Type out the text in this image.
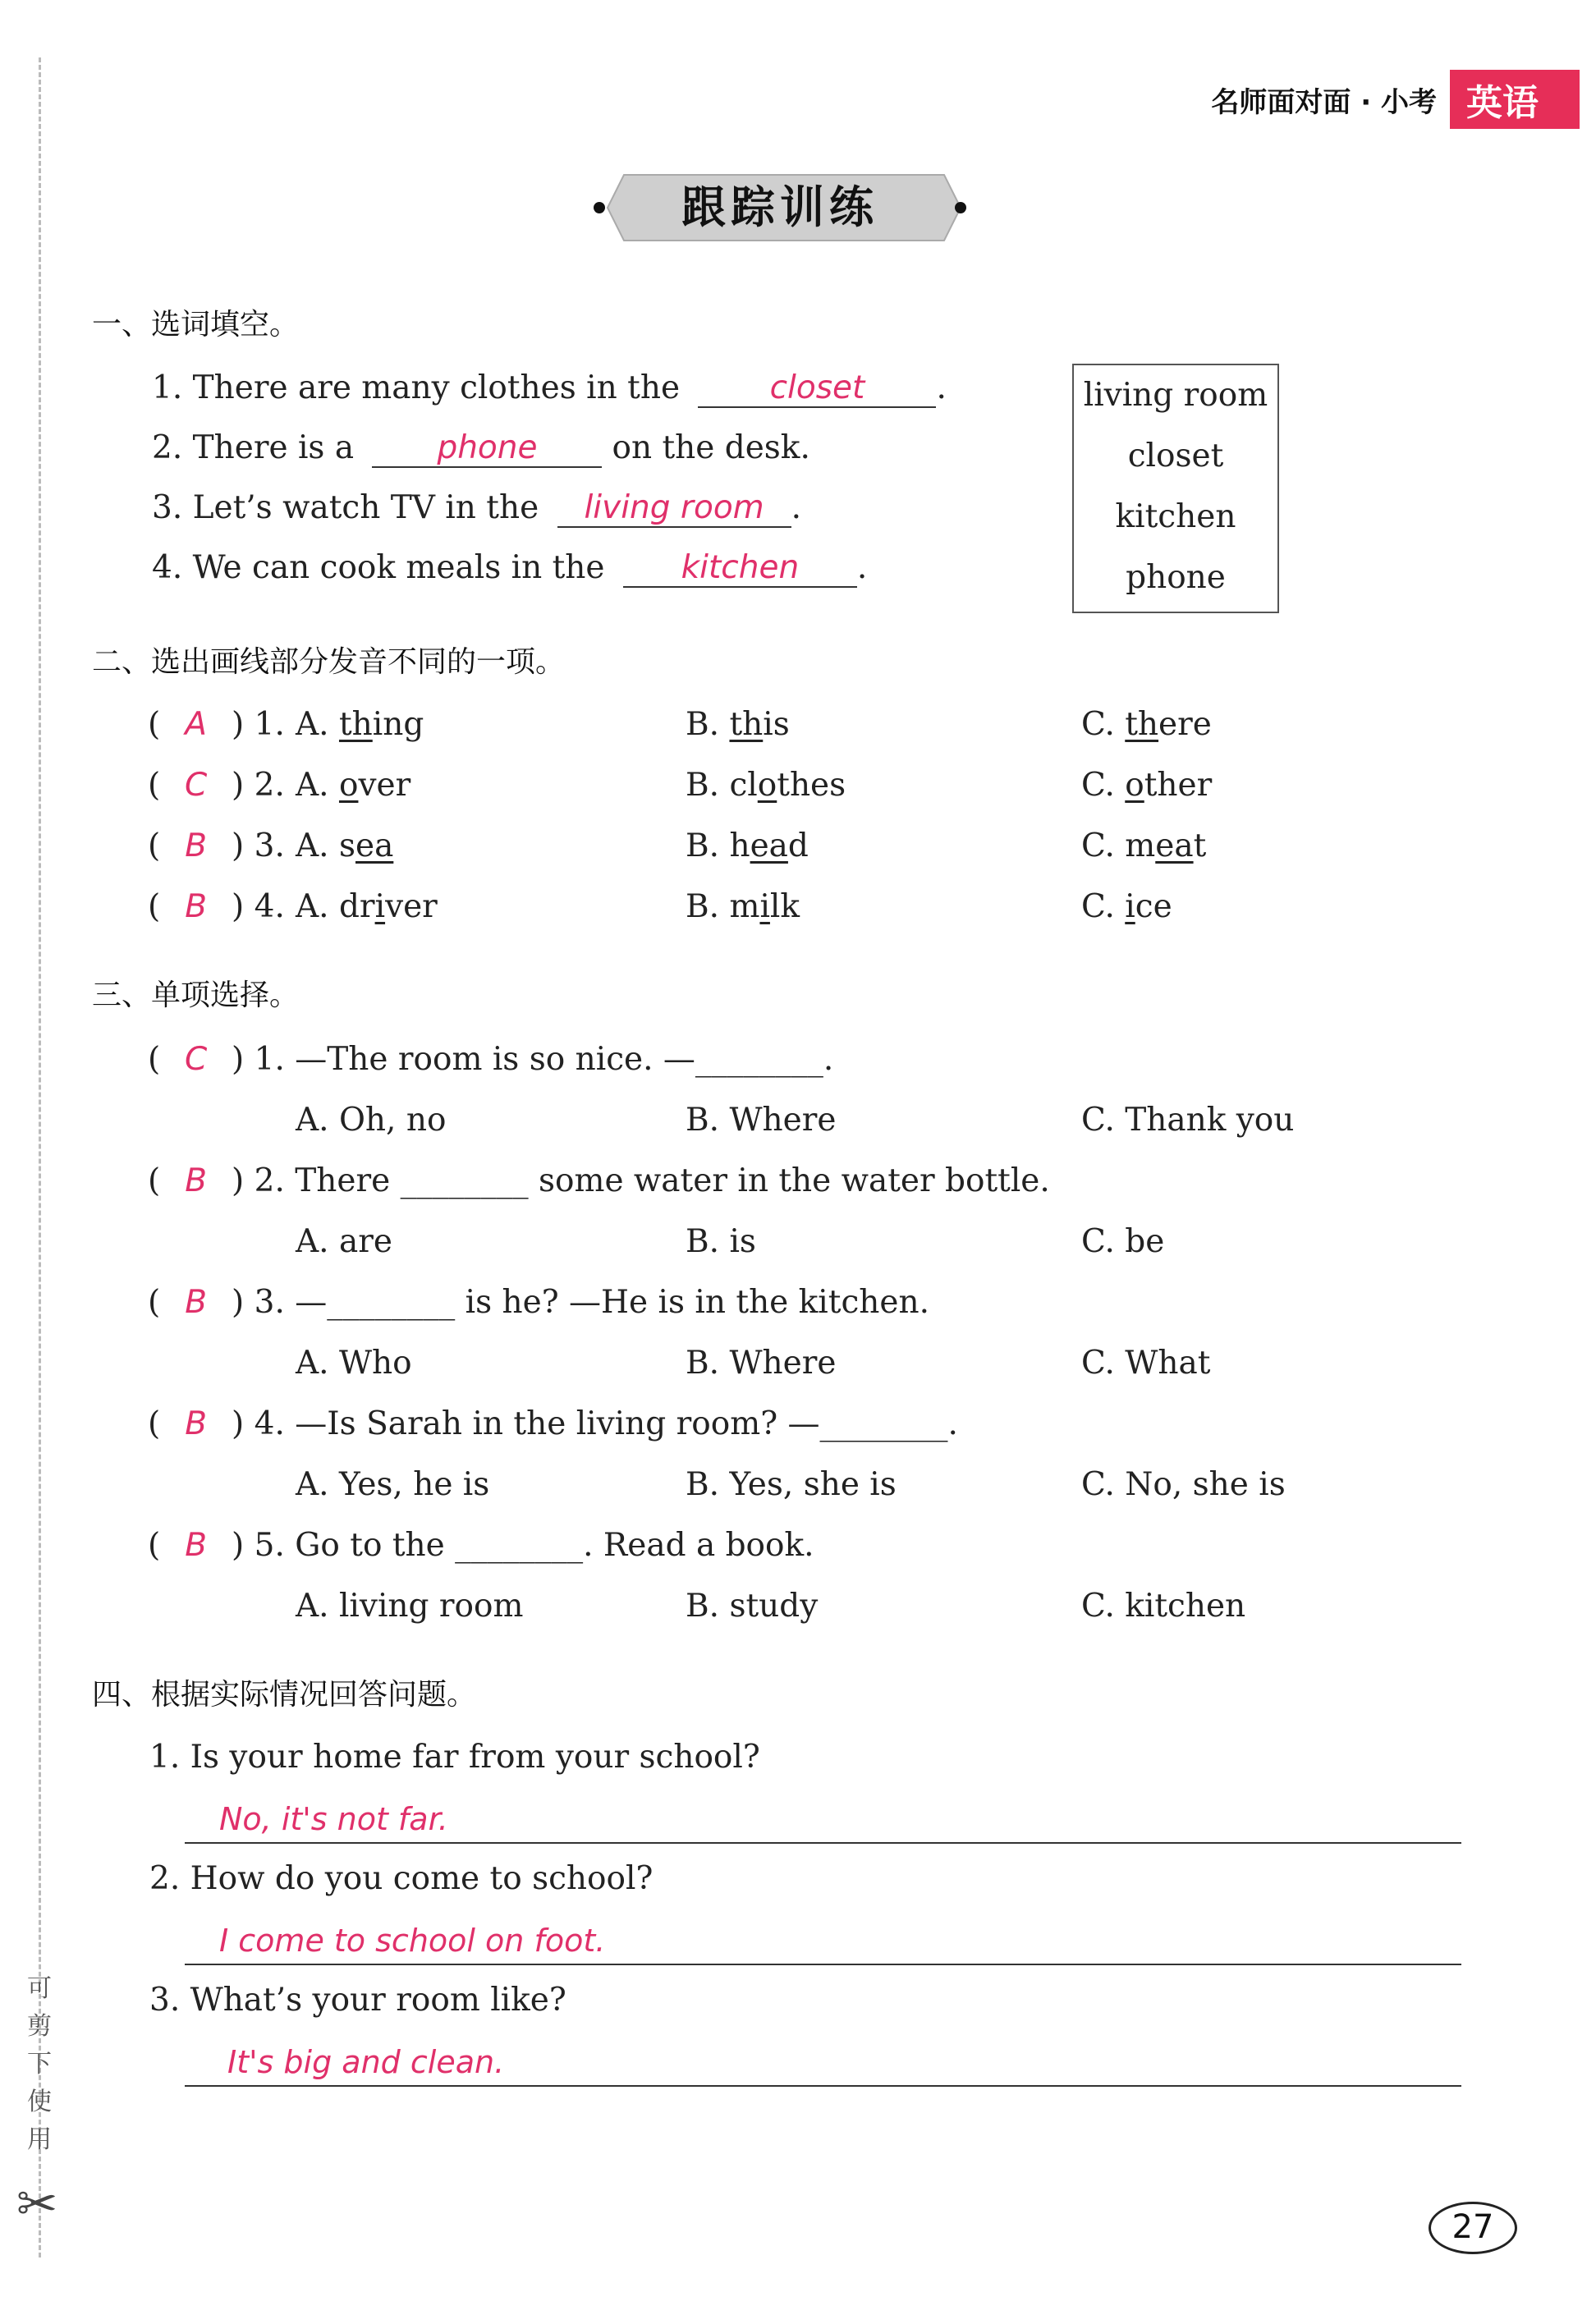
可
剪
下
使
用
✂
名师面对面 · 小考 英语
跟踪训练
一、选词填空。
1. There are many clothes in the	closet .
2. There is a	phone on the desk.
3. Let’s watch TV in the living room .
4. We can cook meals in the kitchen .
living room
closet
kitchen
phone
二、选出画线部分发音不同的一项。
( A ) 1. A. thing	B. this	C. there
( C ) 2. A. over	B. clothes	C. other
( B ) 3. A. sea	B. head	C. meat
( B ) 4. A. driver	B. milk	C. ice
三、单项选择。
( C ) 1. —The room is so nice. —________.
A. Oh, no	B. Where	C. Thank you
( B ) 2. There ________ some water in the water bottle.
A. are	B. is	C. be
( B ) 3. —________ is he? —He is in the kitchen.
A. Who	B. Where	C. What
( B ) 4. —Is Sarah in the living room? —________.
A. Yes, he is	B. Yes, she is	C. No, she is
( B ) 5. Go to the ________. Read a book.
A. living room	B. study	C. kitchen
四、根据实际情况回答问题。
1. Is your home far from your school?
No, it's not far.
2. How do you come to school?
I come to school on foot.
3. What’s your room like?
It's big and clean.
27
